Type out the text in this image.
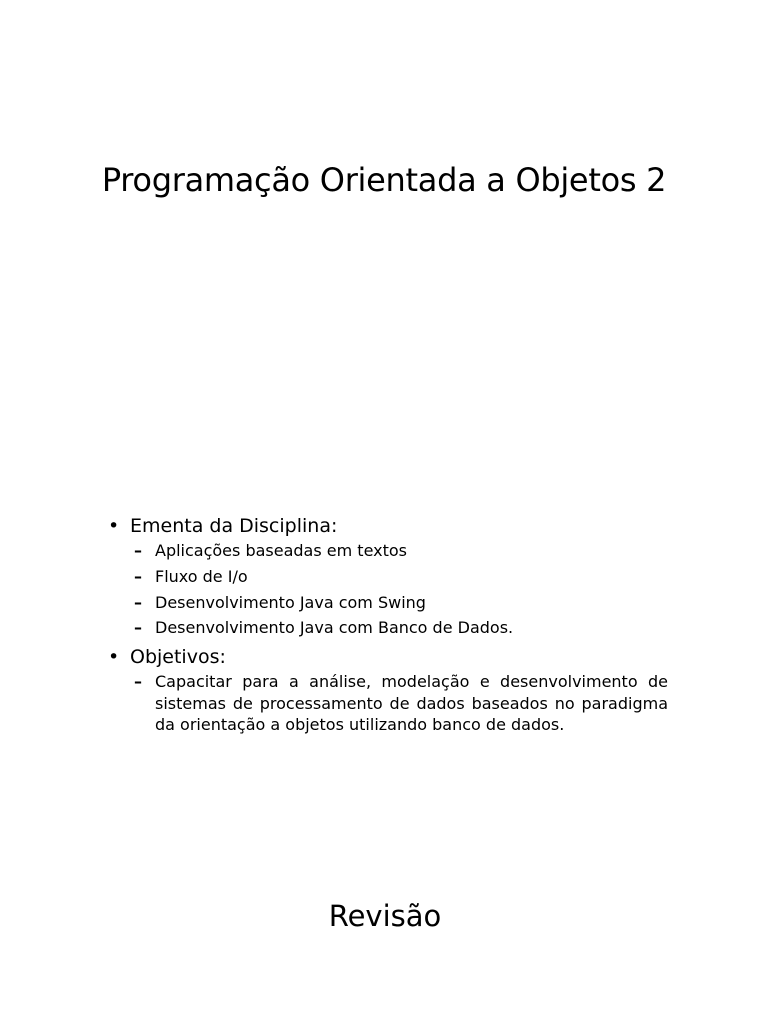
Programação Orientada a Objetos 2
• Ementa da Disciplina:
– Aplicações baseadas em textos
– Fluxo de I/o
– Desenvolvimento Java com Swing
– Desenvolvimento Java com Banco de Dados.
• Objetivos:
– Capacitar para a análise, modelação e desenvolvimento de sistemas de processamento de dados baseados no paradigma da orientação a objetos utilizando banco de dados.
Revisão
